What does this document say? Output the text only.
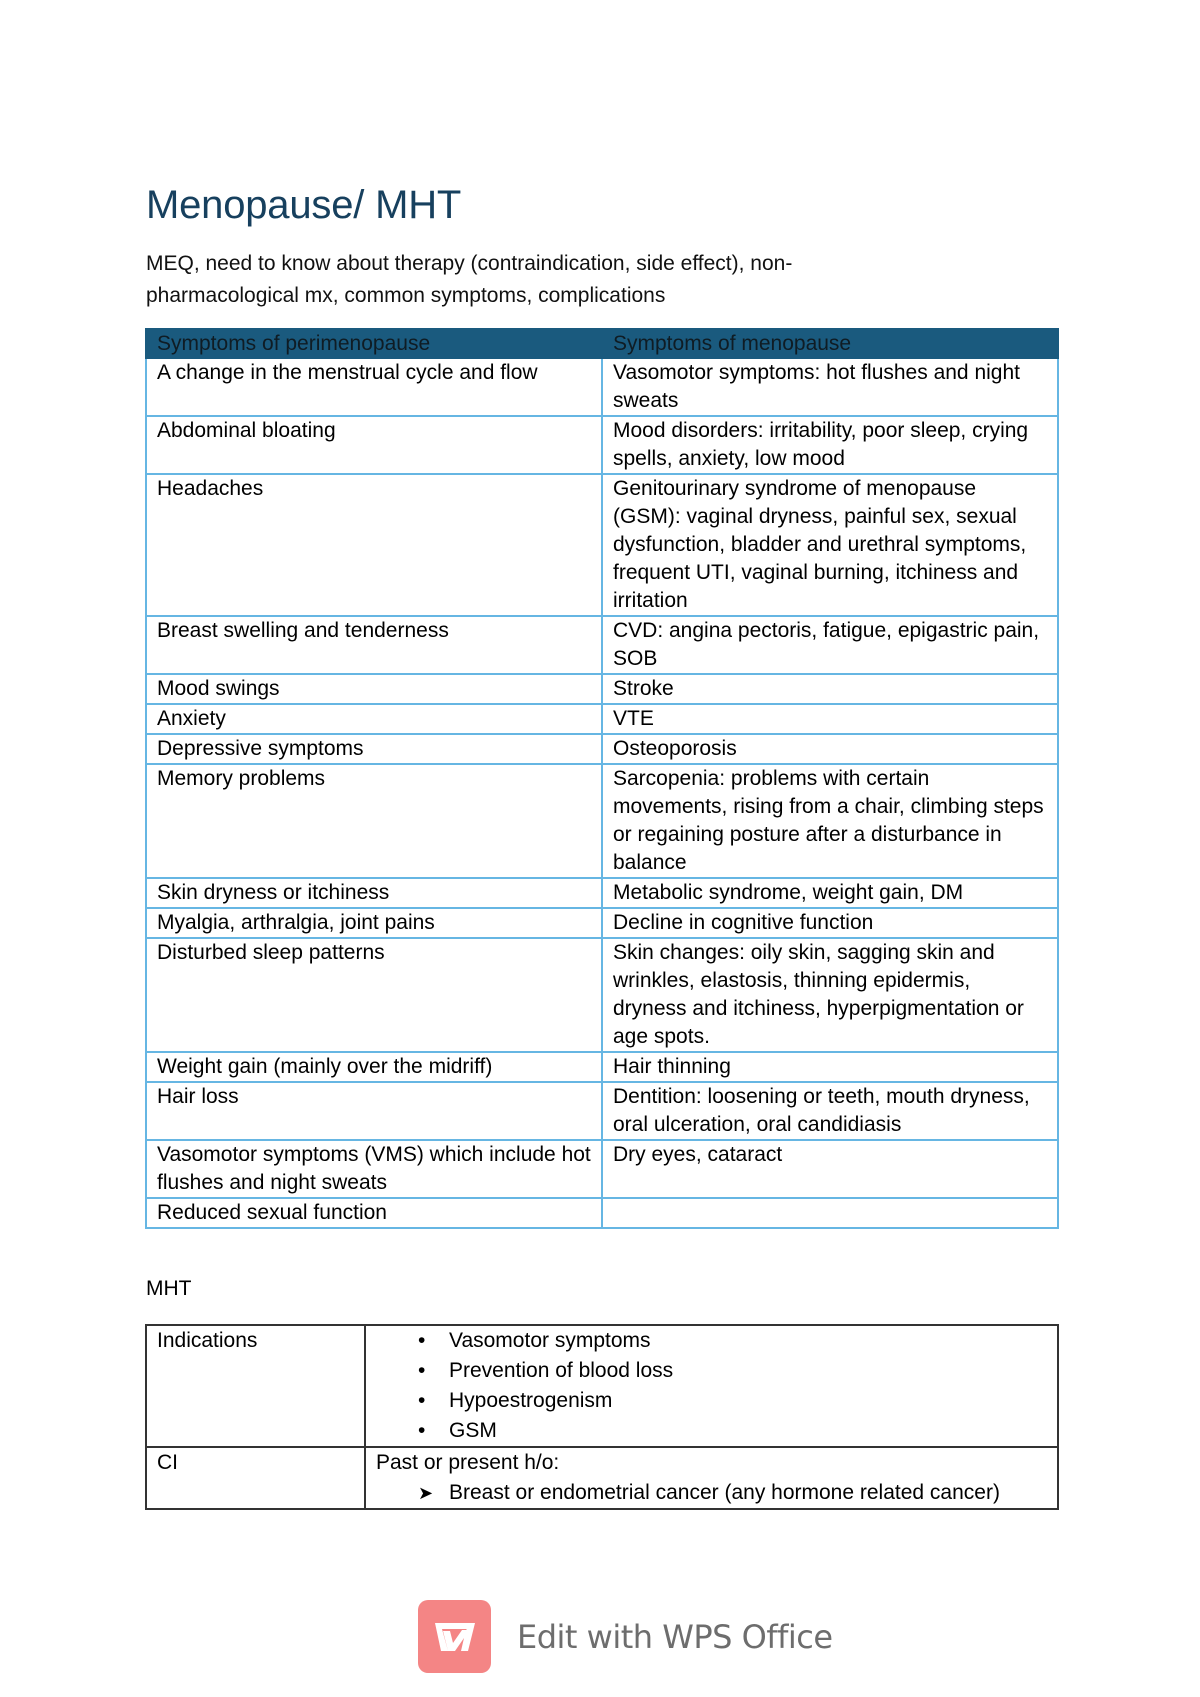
Menopause/ MHT

MEQ, need to know about therapy (contraindication, side effect), non-pharmacological mx, common symptoms, complications

Symptoms of perimenopause	Symptoms of menopause
A change in the menstrual cycle and flow	Vasomotor symptoms: hot flushes and night sweats
Abdominal bloating	Mood disorders: irritability, poor sleep, crying spells, anxiety, low mood
Headaches	Genitourinary syndrome of menopause (GSM): vaginal dryness, painful sex, sexual dysfunction, bladder and urethral symptoms, frequent UTI, vaginal burning, itchiness and irritation
Breast swelling and tenderness	CVD: angina pectoris, fatigue, epigastric pain, SOB
Mood swings	Stroke
Anxiety	VTE
Depressive symptoms	Osteoporosis
Memory problems	Sarcopenia: problems with certain movements, rising from a chair, climbing steps or regaining posture after a disturbance in balance
Skin dryness or itchiness	Metabolic syndrome, weight gain, DM
Myalgia, arthralgia, joint pains	Decline in cognitive function
Disturbed sleep patterns	Skin changes: oily skin, sagging skin and wrinkles, elastosis, thinning epidermis, dryness and itchiness, hyperpigmentation or age spots.
Weight gain (mainly over the midriff)	Hair thinning
Hair loss	Dentition: loosening or teeth, mouth dryness, oral ulceration, oral candidiasis
Vasomotor symptoms (VMS) which include hot flushes and night sweats	Dry eyes, cataract
Reduced sexual function	
MHT
Indications	• Vasomotor symptoms
• Prevention of blood loss
• Hypoestrogenism
• GSM

CI	Past or present h/o:
➤ Breast or endometrial cancer (any hormone related cancer)
Edit with WPS Office
